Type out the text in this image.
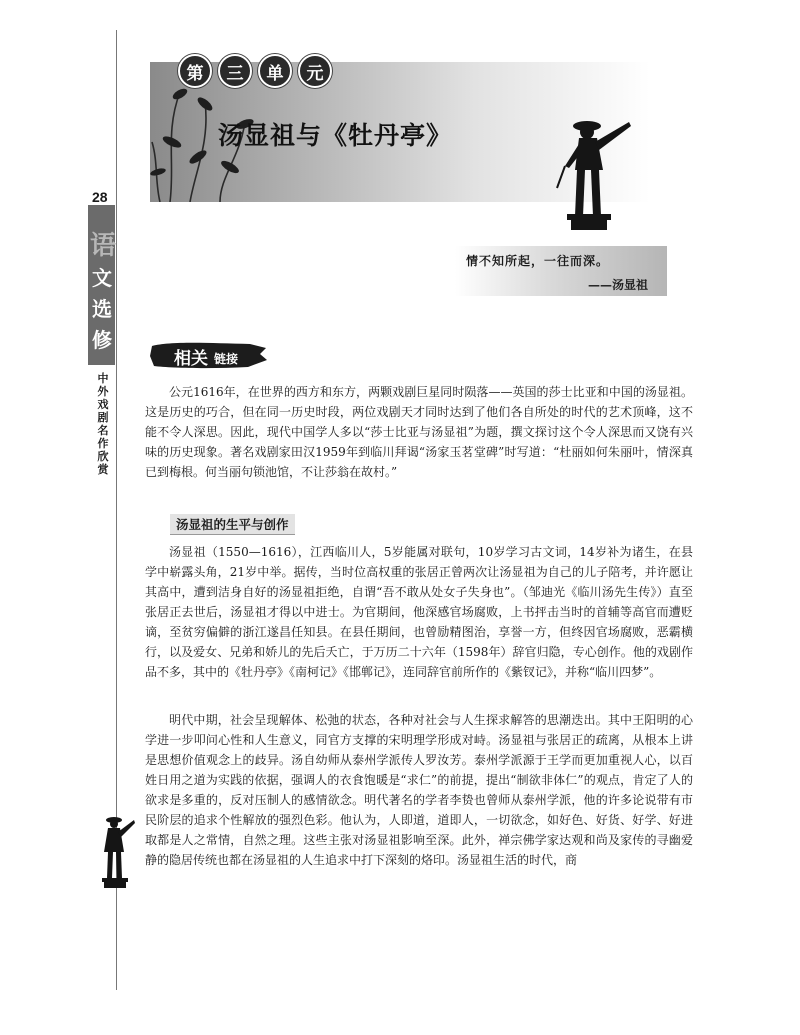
第	三	单	元
汤显祖与《牡丹亭》
情不知所起，一往而深。
——汤显祖
28
语
文
选
修
中外戏剧名作欣赏
相关 链接

公元1616年，在世界的西方和东方，两颗戏剧巨星同时陨落——英国的莎士比亚和中国的汤显祖。这是历史的巧合，但在同一历史时段，两位戏剧天才同时达到了他们各自所处的时代的艺术顶峰，这不能不令人深思。因此，现代中国学人多以“莎士比亚与汤显祖”为题，撰文探讨这个令人深思而又饶有兴味的历史现象。著名戏剧家田汉1959年到临川拜谒“汤家玉茗堂碑”时写道：“杜丽如何朱丽叶，情深真已到梅根。何当丽句锁池馆，不让莎翁在故村。”

汤显祖的生平与创作

汤显祖（1550—1616），江西临川人，5岁能属对联句，10岁学习古文词，14岁补为诸生，在县学中崭露头角，21岁中举。据传，当时位高权重的张居正曾两次让汤显祖为自己的儿子陪考，并许愿让其高中，遭到洁身自好的汤显祖拒绝，自谓“吾不敢从处女子失身也”。（邹迪光《临川汤先生传》）直至张居正去世后，汤显祖才得以中进士。为官期间，他深感官场腐败，上书抨击当时的首辅等高官而遭贬谪，至贫穷偏僻的浙江遂昌任知县。在县任期间，也曾励精图治，享誉一方，但终因官场腐败，恶霸横行，以及爱女、兄弟和娇儿的先后夭亡，于万历二十六年（1598年）辞官归隐，专心创作。他的戏剧作品不多，其中的《牡丹亭》《南柯记》《邯郸记》，连同辞官前所作的《紫钗记》，并称“临川四梦”。

明代中期，社会呈现解体、松弛的状态，各种对社会与人生探求解答的思潮迭出。其中王阳明的心学进一步叩问心性和人生意义，同官方支撑的宋明理学形成对峙。汤显祖与张居正的疏离，从根本上讲是思想价值观念上的歧异。汤自幼师从泰州学派传人罗汝芳。泰州学派源于王学而更加重视人心，以百姓日用之道为实践的依据，强调人的衣食饱暖是“求仁”的前提，提出“制欲非体仁”的观点，肯定了人的欲求是多重的，反对压制人的感情欲念。明代著名的学者李贽也曾师从泰州学派，他的许多论说带有市民阶层的追求个性解放的强烈色彩。他认为，人即道，道即人，一切欲念，如好色、好货、好学、好进取都是人之常情，自然之理。这些主张对汤显祖影响至深。此外，禅宗佛学家达观和尚及家传的寻幽爱静的隐居传统也都在汤显祖的人生追求中打下深刻的烙印。汤显祖生活的时代，商
